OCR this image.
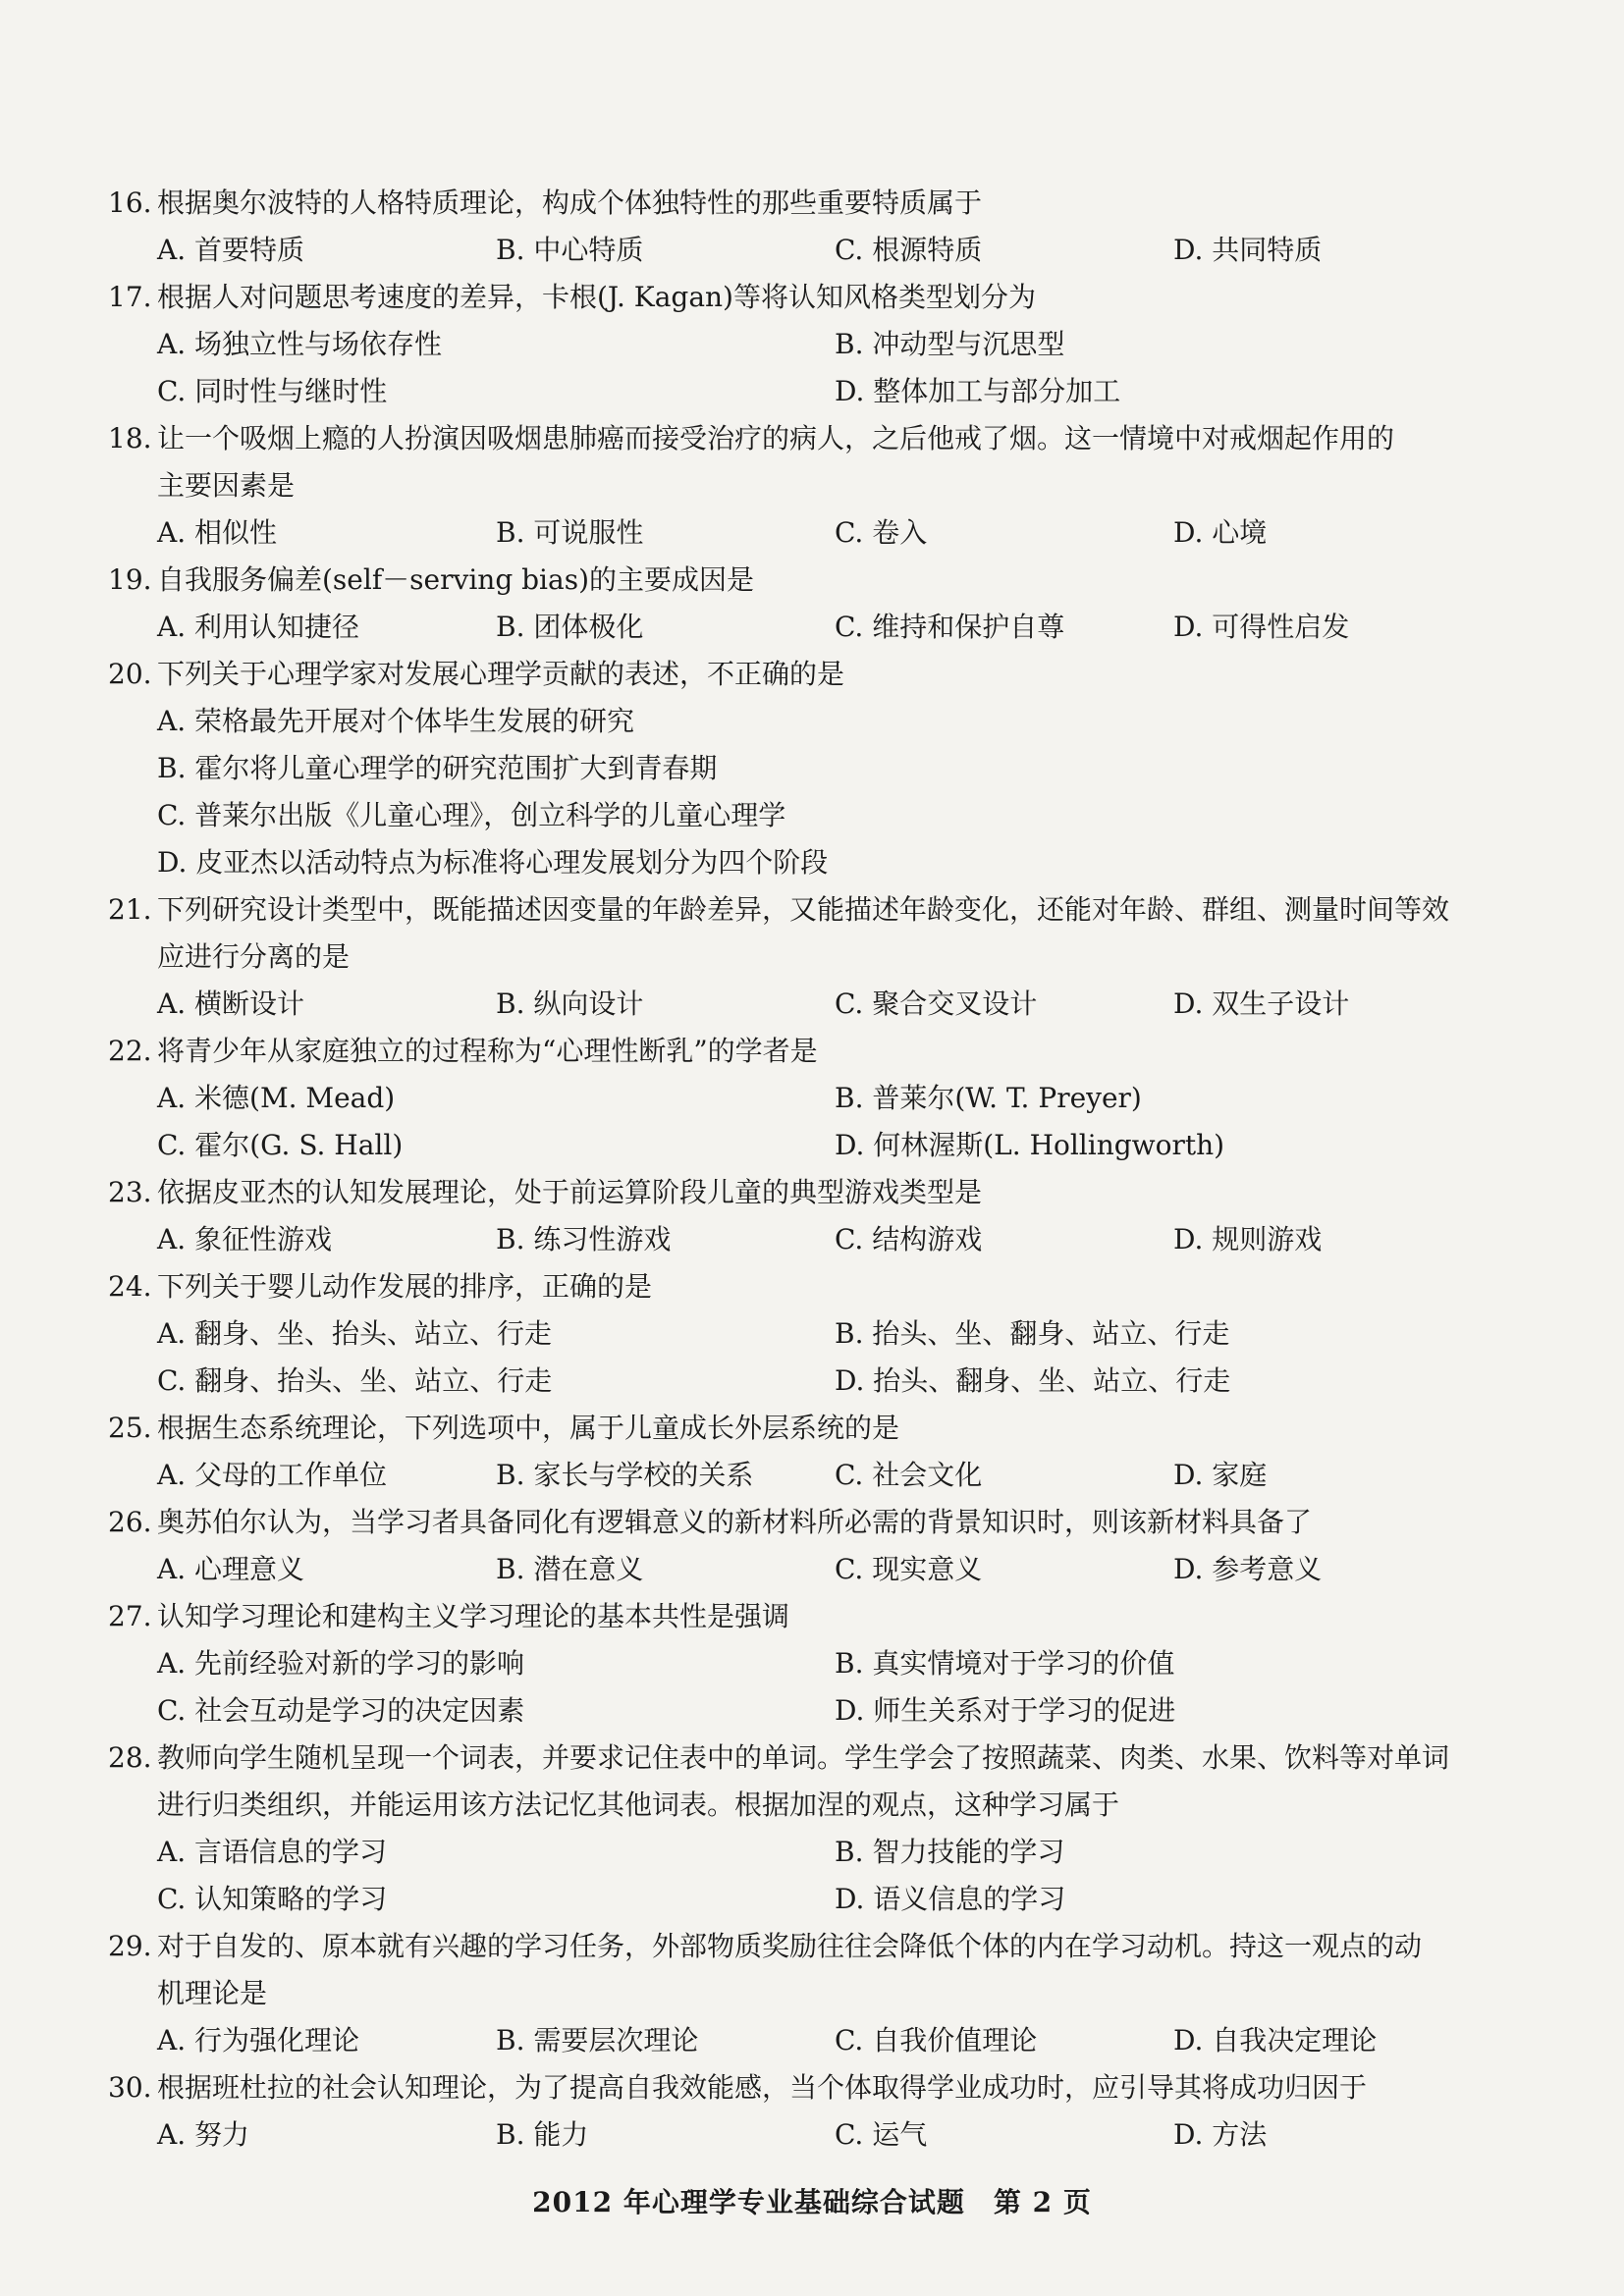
16. 根据奥尔波特的人格特质理论，构成个体独特性的那些重要特质属于
A. 首要特质	B. 中心特质	C. 根源特质	D. 共同特质
17. 根据人对问题思考速度的差异，卡根(J. Kagan)等将认知风格类型划分为
A. 场独立性与场依存性	B. 冲动型与沉思型
C. 同时性与继时性	D. 整体加工与部分加工
18. 让一个吸烟上瘾的人扮演因吸烟患肺癌而接受治疗的病人，之后他戒了烟。这一情境中对戒烟起作用的
主要因素是
A. 相似性	B. 可说服性	C. 卷入	D. 心境
19. 自我服务偏差(self－serving bias)的主要成因是
A. 利用认知捷径	B. 团体极化	C. 维持和保护自尊	D. 可得性启发
20. 下列关于心理学家对发展心理学贡献的表述，不正确的是
A. 荣格最先开展对个体毕生发展的研究
B. 霍尔将儿童心理学的研究范围扩大到青春期
C. 普莱尔出版《儿童心理》，创立科学的儿童心理学
D. 皮亚杰以活动特点为标准将心理发展划分为四个阶段
21. 下列研究设计类型中，既能描述因变量的年龄差异，又能描述年龄变化，还能对年龄、群组、测量时间等效
应进行分离的是
A. 横断设计	B. 纵向设计	C. 聚合交叉设计	D. 双生子设计
22. 将青少年从家庭独立的过程称为“心理性断乳”的学者是
A. 米德(M. Mead)	B. 普莱尔(W. T. Preyer)
C. 霍尔(G. S. Hall)	D. 何林渥斯(L. Hollingworth)
23. 依据皮亚杰的认知发展理论，处于前运算阶段儿童的典型游戏类型是
A. 象征性游戏	B. 练习性游戏	C. 结构游戏	D. 规则游戏
24. 下列关于婴儿动作发展的排序，正确的是
A. 翻身、坐、抬头、站立、行走	B. 抬头、坐、翻身、站立、行走
C. 翻身、抬头、坐、站立、行走	D. 抬头、翻身、坐、站立、行走
25. 根据生态系统理论，下列选项中，属于儿童成长外层系统的是
A. 父母的工作单位	B. 家长与学校的关系	C. 社会文化	D. 家庭
26. 奥苏伯尔认为，当学习者具备同化有逻辑意义的新材料所必需的背景知识时，则该新材料具备了
A. 心理意义	B. 潜在意义	C. 现实意义	D. 参考意义
27. 认知学习理论和建构主义学习理论的基本共性是强调
A. 先前经验对新的学习的影响	B. 真实情境对于学习的价值
C. 社会互动是学习的决定因素	D. 师生关系对于学习的促进
28. 教师向学生随机呈现一个词表，并要求记住表中的单词。学生学会了按照蔬菜、肉类、水果、饮料等对单词
进行归类组织，并能运用该方法记忆其他词表。根据加涅的观点，这种学习属于
A. 言语信息的学习	B. 智力技能的学习
C. 认知策略的学习	D. 语义信息的学习
29. 对于自发的、原本就有兴趣的学习任务，外部物质奖励往往会降低个体的内在学习动机。持这一观点的动
机理论是
A. 行为强化理论	B. 需要层次理论	C. 自我价值理论	D. 自我决定理论
30. 根据班杜拉的社会认知理论，为了提高自我效能感，当个体取得学业成功时，应引导其将成功归因于
A. 努力	B. 能力	C. 运气	D. 方法
2012 年心理学专业基础综合试题　第 2 页
